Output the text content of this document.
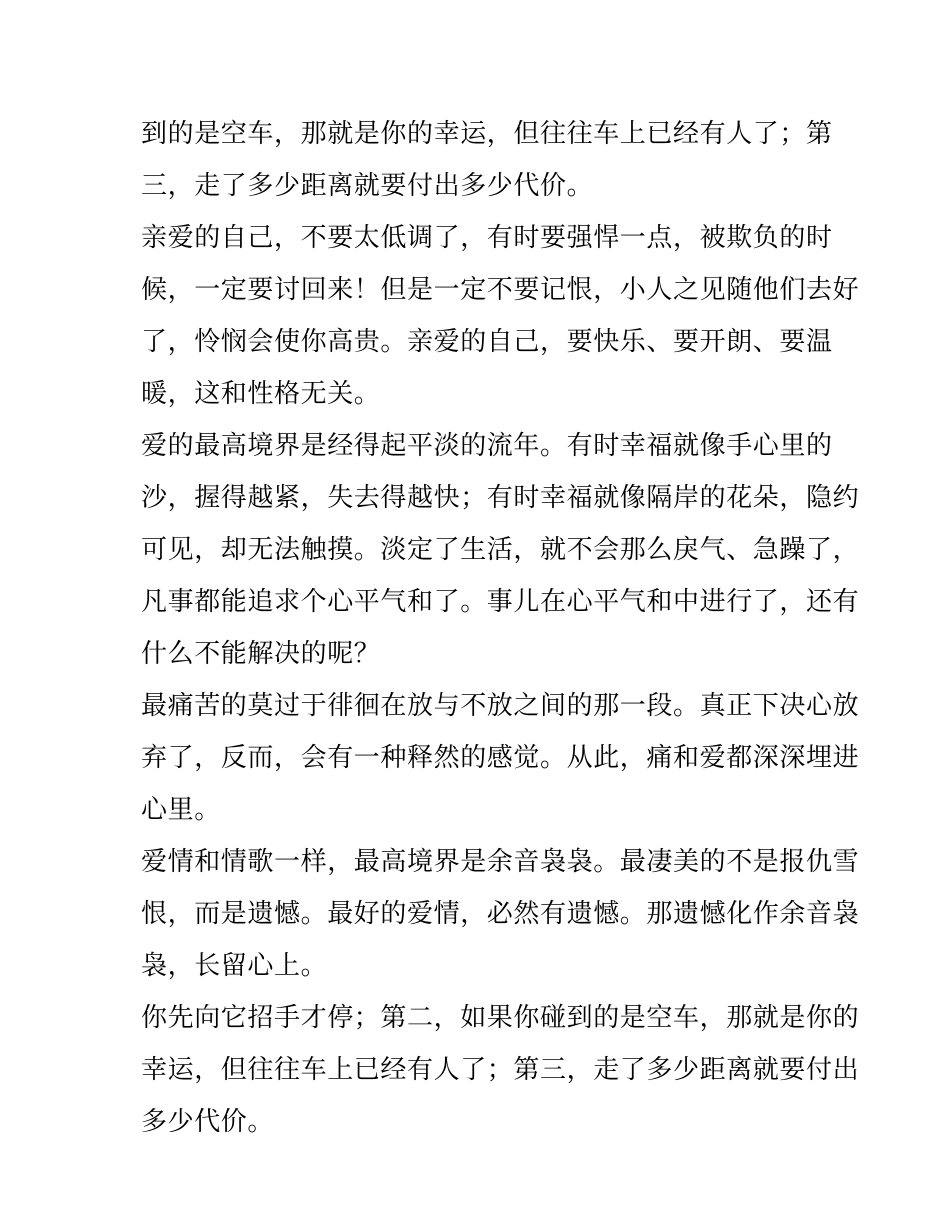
到的是空车，那就是你的幸运，但往往车上已经有人了；第
三，走了多少距离就要付出多少代价。
亲爱的自己，不要太低调了，有时要强悍一点，被欺负的时
候，一定要讨回来！但是一定不要记恨，小人之见随他们去好
了，怜悯会使你高贵。亲爱的自己，要快乐、要开朗、要温
暖，这和性格无关。
爱的最高境界是经得起平淡的流年。有时幸福就像手心里的
沙，握得越紧，失去得越快；有时幸福就像隔岸的花朵，隐约
可见，却无法触摸。淡定了生活，就不会那么戾气、急躁了，
凡事都能追求个心平气和了。事儿在心平气和中进行了，还有
什么不能解决的呢？
最痛苦的莫过于徘徊在放与不放之间的那一段。真正下决心放
弃了，反而，会有一种释然的感觉。从此，痛和爱都深深埋进
心里。
爱情和情歌一样，最高境界是余音袅袅。最凄美的不是报仇雪
恨，而是遗憾。最好的爱情，必然有遗憾。那遗憾化作余音袅
袅，长留心上。
你先向它招手才停；第二，如果你碰到的是空车，那就是你的
幸运，但往往车上已经有人了；第三，走了多少距离就要付出
多少代价。
